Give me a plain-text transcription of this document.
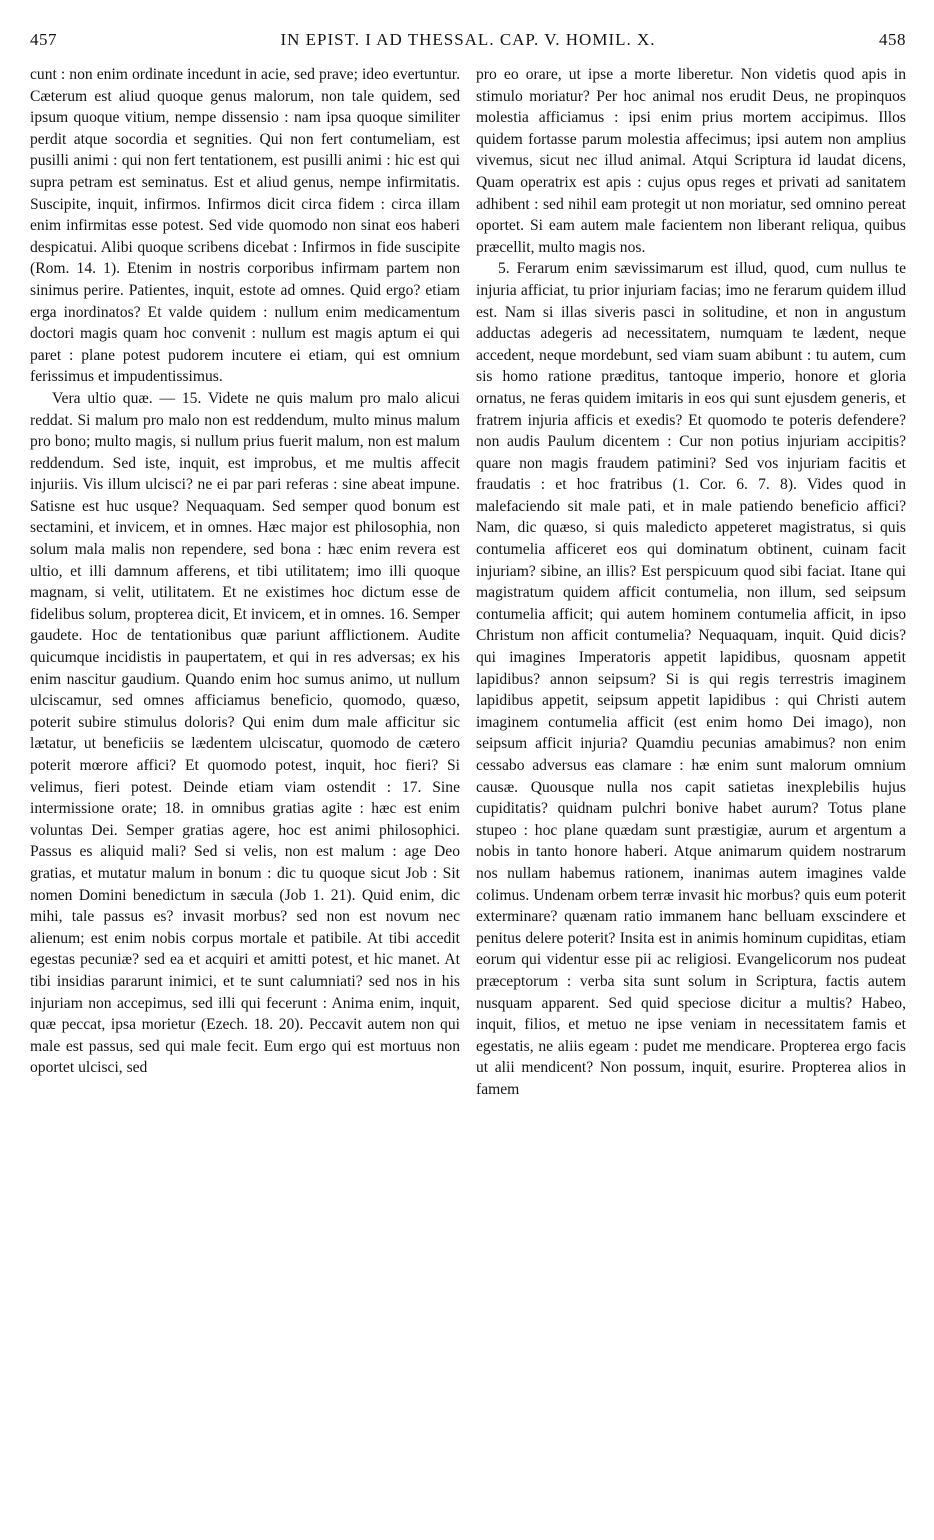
457	IN EPIST. I AD THESSAL. CAP. V. HOMIL. X.	458

cunt : non enim ordinate incedunt in acie, sed prave; ideo evertuntur. Cæterum est aliud quoque genus malorum, non tale quidem, sed ipsum quoque vitium, nempe dissensio : nam ipsa quoque similiter perdit atque socordia et segnities. Qui non fert contumeliam, est pusilli animi : qui non fert tentationem, est pusilli animi : hic est qui supra petram est seminatus. Est et aliud genus, nempe infirmitatis. Suscipite, inquit, infirmos. Infirmos dicit circa fidem : circa illam enim infirmitas esse potest. Sed vide quomodo non sinat eos haberi despicatui. Alibi quoque scribens dicebat : Infirmos in fide suscipite (Rom. 14. 1). Etenim in nostris corporibus infirmam partem non sinimus perire. Patientes, inquit, estote ad omnes. Quid ergo? etiam erga inordinatos? Et valde quidem : nullum enim medicamentum doctori magis quam hoc convenit : nullum est magis aptum ei qui paret : plane potest pudorem incutere ei etiam, qui est omnium ferissimus et impudentissimus.

Vera ultio quæ. — 15. Videte ne quis malum pro malo alicui reddat. Si malum pro malo non est reddendum, multo minus malum pro bono; multo magis, si nullum prius fuerit malum, non est malum reddendum. Sed iste, inquit, est improbus, et me multis affecit injuriis. Vis illum ulcisci? ne ei par pari referas : sine abeat impune. Satisne est huc usque? Nequaquam. Sed semper quod bonum est sectamini, et invicem, et in omnes. Hæc major est philosophia, non solum mala malis non rependere, sed bona : hæc enim revera est ultio, et illi damnum afferens, et tibi utilitatem; imo illi quoque magnam, si velit, utilitatem. Et ne existimes hoc dictum esse de fidelibus solum, propterea dicit, Et invicem, et in omnes. 16. Semper gaudete. Hoc de tentationibus quæ pariunt afflictionem. Audite quicumque incidistis in paupertatem, et qui in res adversas; ex his enim nascitur gaudium. Quando enim hoc sumus animo, ut nullum ulciscamur, sed omnes afficiamus beneficio, quomodo, quæso, poterit subire stimulus doloris? Qui enim dum male afficitur sic lætatur, ut beneficiis se lædentem ulciscatur, quomodo de cætero poterit mœrore affici? Et quomodo potest, inquit, hoc fieri? Si velimus, fieri potest. Deinde etiam viam ostendit : 17. Sine intermissione orate; 18. in omnibus gratias agite : hæc est enim voluntas Dei. Semper gratias agere, hoc est animi philosophici. Passus es aliquid mali? Sed si velis, non est malum : age Deo gratias, et mutatur malum in bonum : dic tu quoque sicut Job : Sit nomen Domini benedictum in sæcula (Job 1. 21). Quid enim, dic mihi, tale passus es? invasit morbus? sed non est novum nec alienum; est enim nobis corpus mortale et patibile. At tibi accedit egestas pecuniæ? sed ea et acquiri et amitti potest, et hic manet. At tibi insidias pararunt inimici, et te sunt calumniati? sed nos in his injuriam non accepimus, sed illi qui fecerunt : Anima enim, inquit, quæ peccat, ipsa morietur (Ezech. 18. 20). Peccavit autem non qui male est passus, sed qui male fecit. Eum ergo qui est mortuus non oportet ulcisci, sed

pro eo orare, ut ipse a morte liberetur. Non videtis quod apis in stimulo moriatur? Per hoc animal nos erudit Deus, ne propinquos molestia afficiamus : ipsi enim prius mortem accipimus. Illos quidem fortasse parum molestia affecimus; ipsi autem non amplius vivemus, sicut nec illud animal. Atqui Scriptura id laudat dicens, Quam operatrix est apis : cujus opus reges et privati ad sanitatem adhibent : sed nihil eam protegit ut non moriatur, sed omnino pereat oportet. Si eam autem male facientem non liberant reliqua, quibus præcellit, multo magis nos.

5. Ferarum enim sævissimarum est illud, quod, cum nullus te injuria afficiat, tu prior injuriam facias; imo ne ferarum quidem illud est. Nam si illas siveris pasci in solitudine, et non in angustum adductas adegeris ad necessitatem, numquam te lædent, neque accedent, neque mordebunt, sed viam suam abibunt : tu autem, cum sis homo ratione præditus, tantoque imperio, honore et gloria ornatus, ne feras quidem imitaris in eos qui sunt ejusdem generis, et fratrem injuria afficis et exedis? Et quomodo te poteris defendere? non audis Paulum dicentem : Cur non potius injuriam accipitis? quare non magis fraudem patimini? Sed vos injuriam facitis et fraudatis : et hoc fratribus (1. Cor. 6. 7. 8). Vides quod in malefaciendo sit male pati, et in male patiendo beneficio affici? Nam, dic quæso, si quis maledicto appeteret magistratus, si quis contumelia afficeret eos qui dominatum obtinent, cuinam facit injuriam? sibine, an illis? Est perspicuum quod sibi faciat. Itane qui magistratum quidem afficit contumelia, non illum, sed seipsum contumelia afficit; qui autem hominem contumelia afficit, in ipso Christum non afficit contumelia? Nequaquam, inquit. Quid dicis? qui imagines Imperatoris appetit lapidibus, quosnam appetit lapidibus? annon seipsum? Si is qui regis terrestris imaginem lapidibus appetit, seipsum appetit lapidibus : qui Christi autem imaginem contumelia afficit (est enim homo Dei imago), non seipsum afficit injuria? Quamdiu pecunias amabimus? non enim cessabo adversus eas clamare : hæ enim sunt malorum omnium causæ. Quousque nulla nos capit satietas inexplebilis hujus cupiditatis? quidnam pulchri bonive habet aurum? Totus plane stupeo : hoc plane quædam sunt præstigiæ, aurum et argentum a nobis in tanto honore haberi. Atque animarum quidem nostrarum nos nullam habemus rationem, inanimas autem imagines valde colimus. Undenam orbem terræ invasit hic morbus? quis eum poterit exterminare? quænam ratio immanem hanc belluam exscindere et penitus delere poterit? Insita est in animis hominum cupiditas, etiam eorum qui videntur esse pii ac religiosi. Evangelicorum nos pudeat præceptorum : verba sita sunt solum in Scriptura, factis autem nusquam apparent. Sed quid speciose dicitur a multis? Habeo, inquit, filios, et metuo ne ipse veniam in necessitatem famis et egestatis, ne aliis egeam : pudet me mendicare. Propterea ergo facis ut alii mendicent? Non possum, inquit, esurire. Propterea alios in famem
